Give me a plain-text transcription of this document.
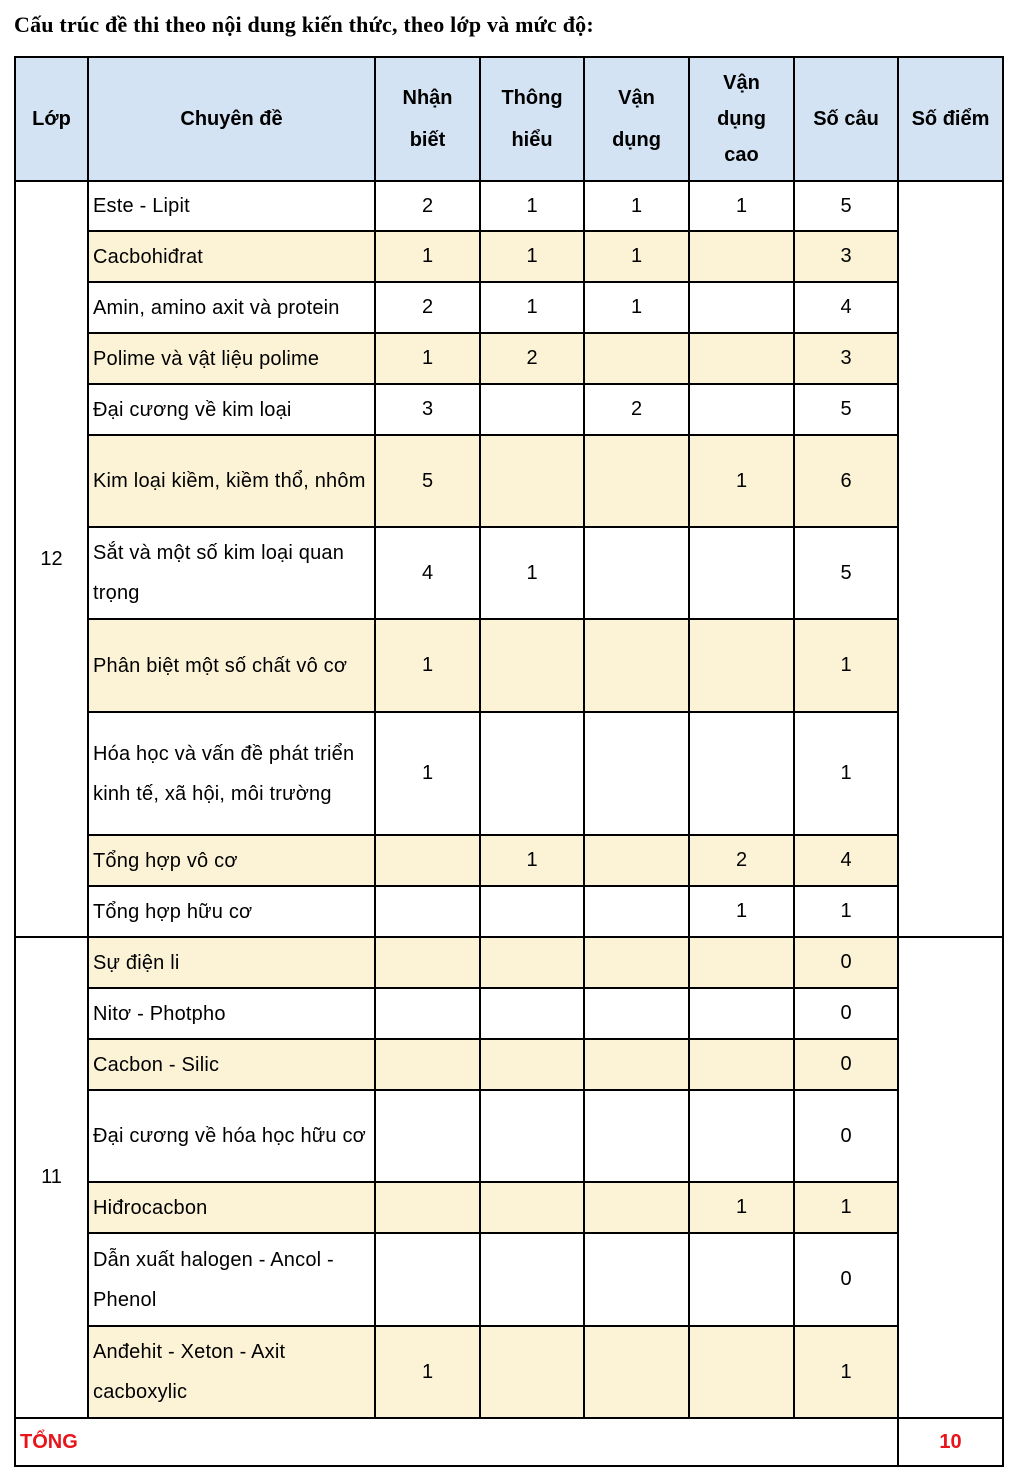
Cấu trúc đề thi theo nội dung kiến thức, theo lớp và mức độ:
Lớp	Chuyên đề	Nhận biết	Thông hiểu	Vận dụng	Vận dụng cao	Số câu	Số điểm
12	Este - Lipit	2	1	1	1	5	
	Cacbohiđrat	1	1	1		3	
	Amin, amino axit và protein	2	1	1		4	
	Polime và vật liệu polime	1	2			3	
	Đại cương về kim loại	3		2		5	
	Kim loại kiềm, kiềm thổ, nhôm	5			1	6	
	Sắt và một số kim loại quan trọng	4	1			5	
	Phân biệt một số chất vô cơ	1				1	
	Hóa học và vấn đề phát triển kinh tế, xã hội, môi trường	1				1	
	Tổng hợp vô cơ		1		2	4	
	Tổng hợp hữu cơ				1	1	
11	Sự điện li					0	
	Nitơ - Photpho					0	
	Cacbon - Silic					0	
	Đại cương về hóa học hữu cơ					0	
	Hiđrocacbon				1	1	
	Dẫn xuất halogen - Ancol - Phenol					0	
	Anđehit - Xeton - Axit cacboxylic	1				1	
TỔNG							10
